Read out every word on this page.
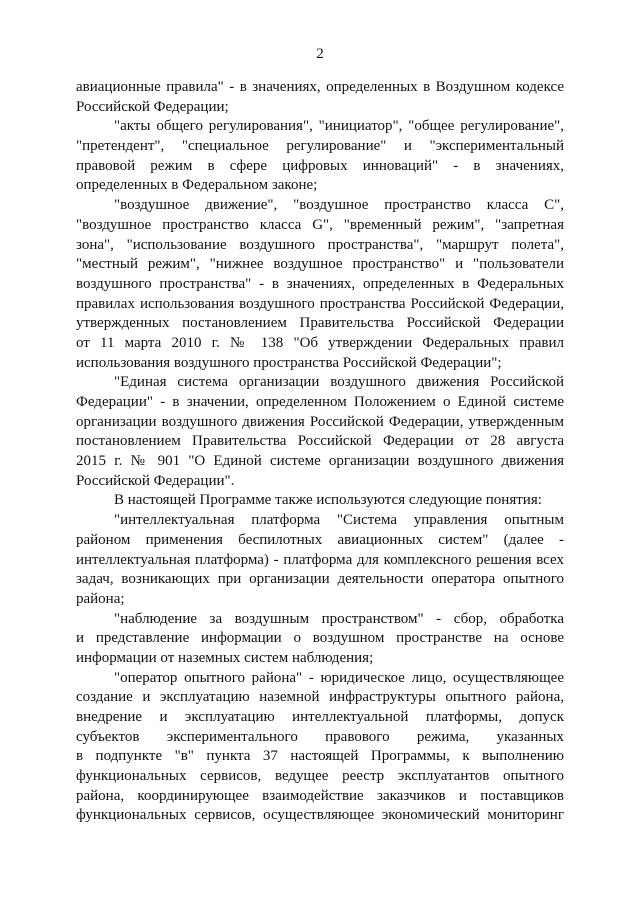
2
авиационные правила" - в значениях, определенных в Воздушном кодексе
Российской Федерации;
"акты общего регулирования", "инициатор", "общее регулирование",
"претендент", "специальное регулирование" и "экспериментальный
правовой режим в сфере цифровых инноваций" - в значениях,
определенных в Федеральном законе;
"воздушное движение", "воздушное пространство класса C",
"воздушное пространство класса G", "временный режим", "запретная
зона", "использование воздушного пространства", "маршрут полета",
"местный режим", "нижнее воздушное пространство" и "пользователи
воздушного пространства" - в значениях, определенных в Федеральных
правилах использования воздушного пространства Российской Федерации,
утвержденных постановлением Правительства Российской Федерации
от 11 марта 2010 г. № 138 "Об утверждении Федеральных правил
использования воздушного пространства Российской Федерации";
"Единая система организации воздушного движения Российской
Федерации" - в значении, определенном Положением о Единой системе
организации воздушного движения Российской Федерации, утвержденным
постановлением Правительства Российской Федерации от 28 августа
2015 г. № 901 "О Единой системе организации воздушного движения
Российской Федерации".
В настоящей Программе также используются следующие понятия:
"интеллектуальная платформа "Система управления опытным
районом применения беспилотных авиационных систем" (далее -
интеллектуальная платформа) - платформа для комплексного решения всех
задач, возникающих при организации деятельности оператора опытного
района;
"наблюдение за воздушным пространством" - сбор, обработка
и представление информации о воздушном пространстве на основе
информации от наземных систем наблюдения;
"оператор опытного района" - юридическое лицо, осуществляющее
создание и эксплуатацию наземной инфраструктуры опытного района,
внедрение и эксплуатацию интеллектуальной платформы, допуск
субъектов экспериментального правового режима, указанных
в подпункте "в" пункта 37 настоящей Программы, к выполнению
функциональных сервисов, ведущее реестр эксплуатантов опытного
района, координирующее взаимодействие заказчиков и поставщиков
функциональных сервисов, осуществляющее экономический мониторинг
